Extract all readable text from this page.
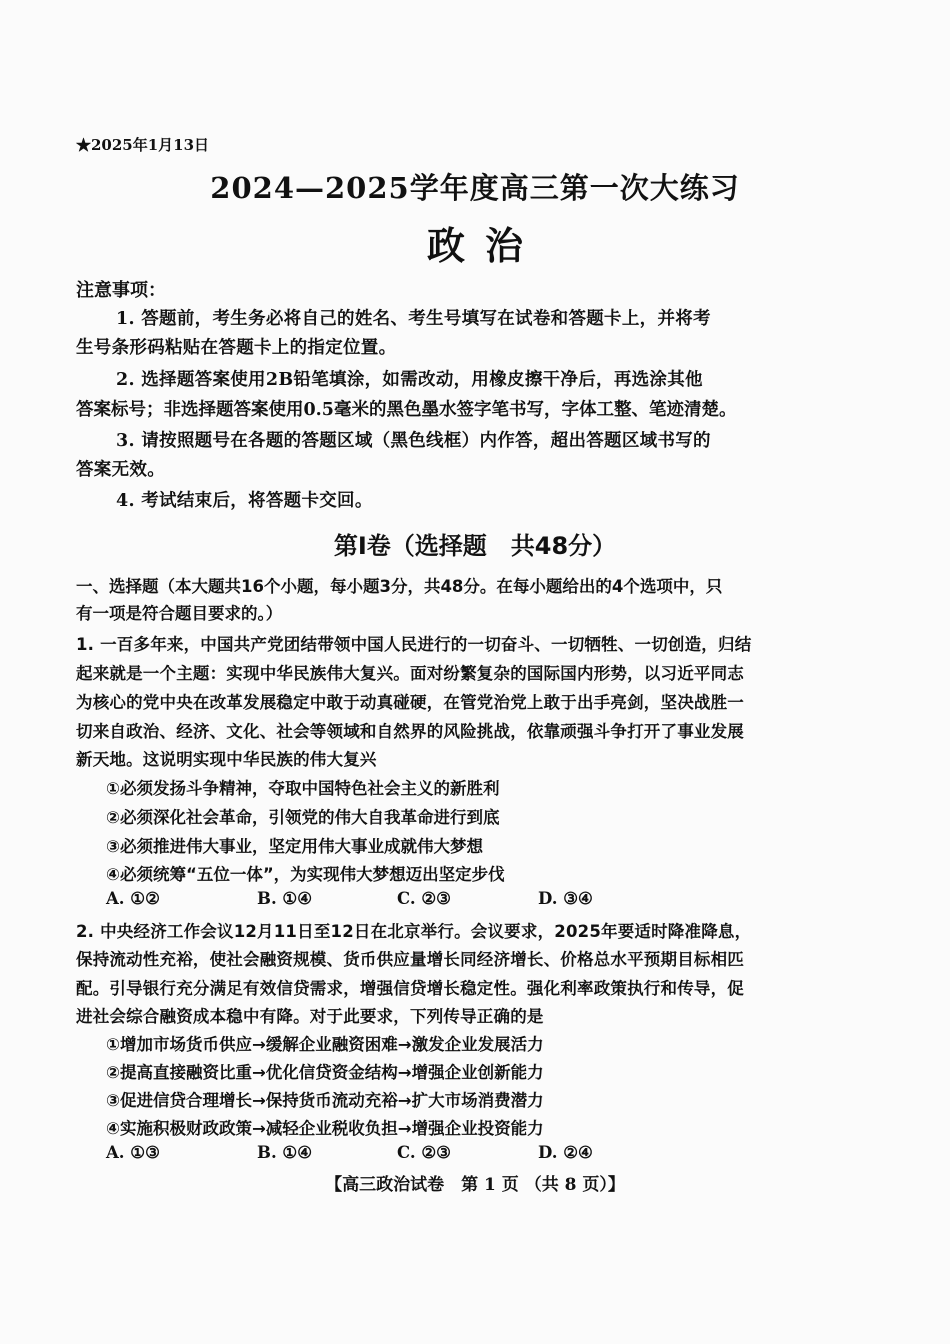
★2025年1月13日
2024—2025学年度高三第一次大练习
政治
注意事项：
1. 答题前，考生务必将自己的姓名、考生号填写在试卷和答题卡上，并将考
生号条形码粘贴在答题卡上的指定位置。
2. 选择题答案使用2B铅笔填涂，如需改动，用橡皮擦干净后，再选涂其他
答案标号；非选择题答案使用0.5毫米的黑色墨水签字笔书写，字体工整、笔迹清楚。
3. 请按照题号在各题的答题区域（黑色线框）内作答，超出答题区域书写的
答案无效。
4. 考试结束后，将答题卡交回。
第Ⅰ卷（选择题　共48分）
一、选择题（本大题共16个小题，每小题3分，共48分。在每小题给出的4个选项中，只
有一项是符合题目要求的。）
1. 一百多年来，中国共产党团结带领中国人民进行的一切奋斗、一切牺牲、一切创造，归结
起来就是一个主题：实现中华民族伟大复兴。面对纷繁复杂的国际国内形势，以习近平同志
为核心的党中央在改革发展稳定中敢于动真碰硬，在管党治党上敢于出手亮剑，坚决战胜一
切来自政治、经济、文化、社会等领域和自然界的风险挑战，依靠顽强斗争打开了事业发展
新天地。这说明实现中华民族的伟大复兴
①必须发扬斗争精神，夺取中国特色社会主义的新胜利
②必须深化社会革命，引领党的伟大自我革命进行到底
③必须推进伟大事业，坚定用伟大事业成就伟大梦想
④必须统筹“五位一体”，为实现伟大梦想迈出坚定步伐
A. ①②	B. ①④	C. ②③	D. ③④
2. 中央经济工作会议12月11日至12日在北京举行。会议要求，2025年要适时降准降息，
保持流动性充裕，使社会融资规模、货币供应量增长同经济增长、价格总水平预期目标相匹
配。引导银行充分满足有效信贷需求，增强信贷增长稳定性。强化利率政策执行和传导，促
进社会综合融资成本稳中有降。对于此要求，下列传导正确的是
①增加市场货币供应→缓解企业融资困难→激发企业发展活力
②提高直接融资比重→优化信贷资金结构→增强企业创新能力
③促进信贷合理增长→保持货币流动充裕→扩大市场消费潜力
④实施积极财政政策→减轻企业税收负担→增强企业投资能力
A. ①③	B. ①④	C. ②③	D. ②④
【高三政治试卷　第 1 页 （共 8 页）】
